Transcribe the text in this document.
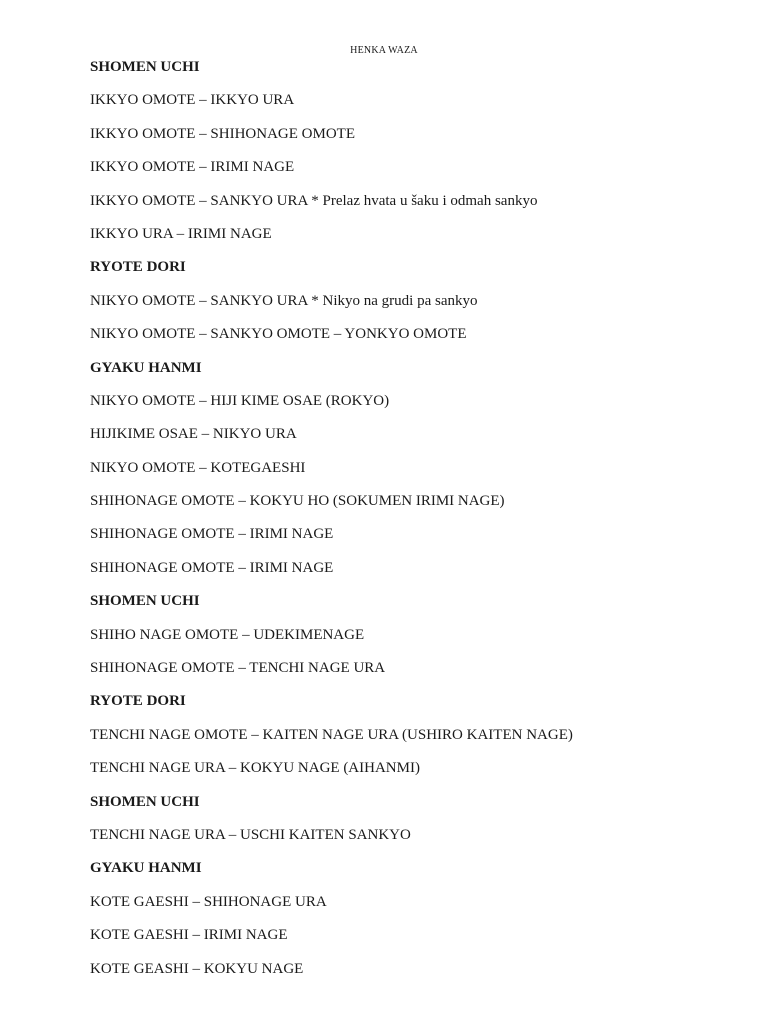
HENKA WAZA
SHOMEN UCHI
IKKYO OMOTE – IKKYO URA
IKKYO OMOTE – SHIHONAGE OMOTE
IKKYO OMOTE – IRIMI NAGE
IKKYO OMOTE – SANKYO URA * Prelaz hvata u šaku i odmah sankyo
IKKYO URA – IRIMI NAGE
RYOTE DORI
NIKYO OMOTE – SANKYO URA * Nikyo na grudi pa sankyo
NIKYO OMOTE – SANKYO OMOTE – YONKYO OMOTE
GYAKU HANMI
NIKYO OMOTE – HIJI KIME OSAE (ROKYO)
HIJIKIME OSAE – NIKYO URA
NIKYO OMOTE – KOTEGAESHI
SHIHONAGE OMOTE – KOKYU HO (SOKUMEN IRIMI NAGE)
SHIHONAGE OMOTE – IRIMI NAGE
SHIHONAGE OMOTE – IRIMI NAGE
SHOMEN UCHI
SHIHO NAGE OMOTE – UDEKIMENAGE
SHIHONAGE OMOTE – TENCHI NAGE URA
RYOTE DORI
TENCHI NAGE OMOTE – KAITEN NAGE URA (USHIRO KAITEN NAGE)
TENCHI NAGE URA – KOKYU NAGE (AIHANMI)
SHOMEN UCHI
TENCHI NAGE URA – USCHI KAITEN SANKYO
GYAKU HANMI
KOTE GAESHI – SHIHONAGE URA
KOTE GAESHI – IRIMI NAGE
KOTE GEASHI – KOKYU NAGE
